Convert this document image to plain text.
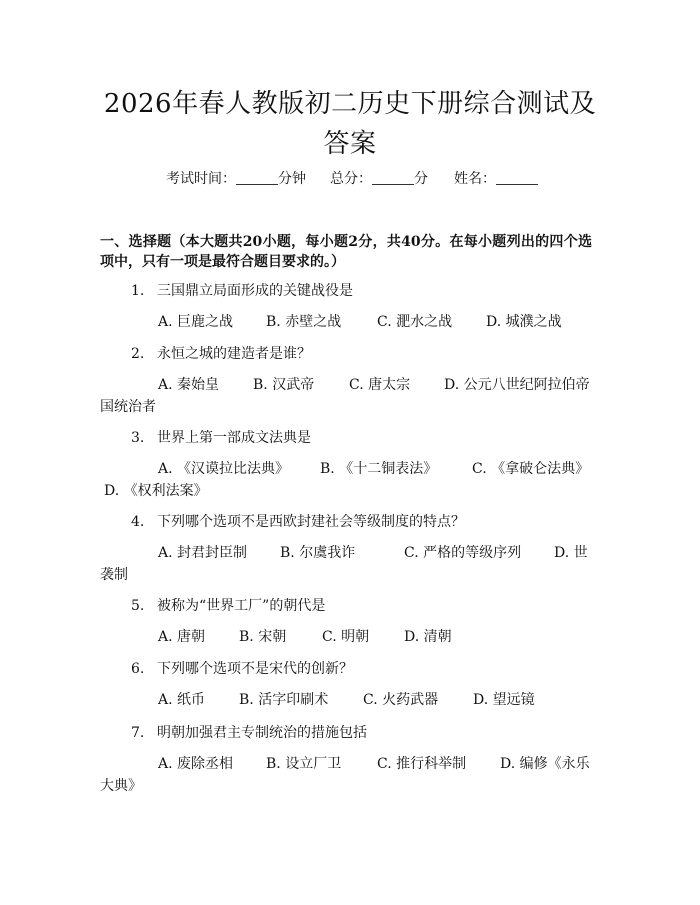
2026年春人教版初二历史下册综合测试及答案
考试时间：	分钟 总分：	分 姓名：
一、选择题（本大题共20小题，每小题2分，共40分。在每小题列出的四个选项中，只有一项是最符合题目要求的。）
1. 三国鼎立局面形成的关键战役是
A. 巨鹿之战 B. 赤壁之战	C. 淝水之战 D. 城濮之战
2. 永恒之城的建造者是谁？
A. 秦始皇 B. 汉武帝 C. 唐太宗 D. 公元八世纪阿拉伯帝
国统治者
3. 世界上第一部成文法典是
A. 《汉谟拉比法典》 B. 《十二铜表法》 C. 《拿破仑法典》
D. 《权利法案》
4. 下列哪个选项不是西欧封建社会等级制度的特点？
A. 封君封臣制 B. 尔虞我诈	C. 严格的等级序列 D. 世
袭制
5. 被称为“世界工厂”的朝代是
A. 唐朝 B. 宋朝	C. 明朝 D. 清朝
6. 下列哪个选项不是宋代的创新？
A. 纸币 B. 活字印刷术 C. 火药武器 D. 望远镜
7. 明朝加强君主专制统治的措施包括
A. 废除丞相 B. 设立厂卫	C. 推行科举制 D. 编修《永乐
大典》
